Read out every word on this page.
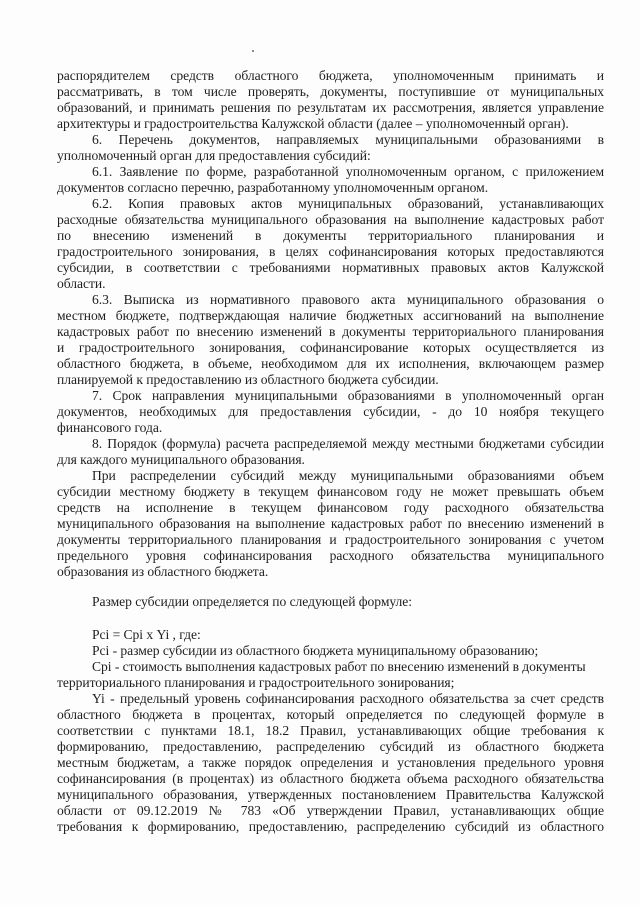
распорядителем средств областного бюджета, уполномоченным принимать и
рассматривать, в том числе проверять, документы, поступившие от муниципальных
образований, и принимать решения по результатам их рассмотрения, является управление
архитектуры и градостроительства Калужской области (далее – уполномоченный орган).
6. Перечень документов, направляемых муниципальными образованиями в
уполномоченный орган для предоставления субсидий:
6.1. Заявление по форме, разработанной уполномоченным органом, с приложением
документов согласно перечню, разработанному уполномоченным органом.
6.2. Копия правовых актов муниципальных образований, устанавливающих
расходные обязательства муниципального образования на выполнение кадастровых работ
по внесению изменений в документы территориального планирования и
градостроительного зонирования, в целях софинансирования которых предоставляются
субсидии, в соответствии с требованиями нормативных правовых актов Калужской
области.
6.3. Выписка из нормативного правового акта муниципального образования о
местном бюджете, подтверждающая наличие бюджетных ассигнований на выполнение
кадастровых работ по внесению изменений в документы территориального планирования
и градостроительного зонирования, софинансирование которых осуществляется из
областного бюджета, в объеме, необходимом для их исполнения, включающем размер
планируемой к предоставлению из областного бюджета субсидии.
7. Срок направления муниципальными образованиями в уполномоченный орган
документов, необходимых для предоставления субсидии, - до 10 ноября текущего
финансового года.
8. Порядок (формула) расчета распределяемой между местными бюджетами субсидии
для каждого муниципального образования.
При распределении субсидий между муниципальными образованиями объем
субсидии местному бюджету в текущем финансовом году не может превышать объем
средств на исполнение в текущем финансовом году расходного обязательства
муниципального образования на выполнение кадастровых работ по внесению изменений в
документы территориального планирования и градостроительного зонирования с учетом
предельного уровня софинансирования расходного обязательства муниципального
образования из областного бюджета.
Размер субсидии определяется по следующей формуле:
Рci = Срi х Yi , где:
Рci - размер субсидии из областного бюджета муниципальному образованию;
Срi - стоимость выполнения кадастровых работ по внесению изменений в документы
территориального планирования и градостроительного зонирования;
Yi - предельный уровень софинансирования расходного обязательства за счет средств
областного бюджета в процентах, который определяется по следующей формуле в
соответствии с пунктами 18.1, 18.2 Правил, устанавливающих общие требования к
формированию, предоставлению, распределению субсидий из областного бюджета
местным бюджетам, а также порядок определения и установления предельного уровня
софинансирования (в процентах) из областного бюджета объема расходного обязательства
муниципального образования, утвержденных постановлением Правительства Калужской
области от 09.12.2019 № 783 «Об утверждении Правил, устанавливающих общие
требования к формированию, предоставлению, распределению субсидий из областного
